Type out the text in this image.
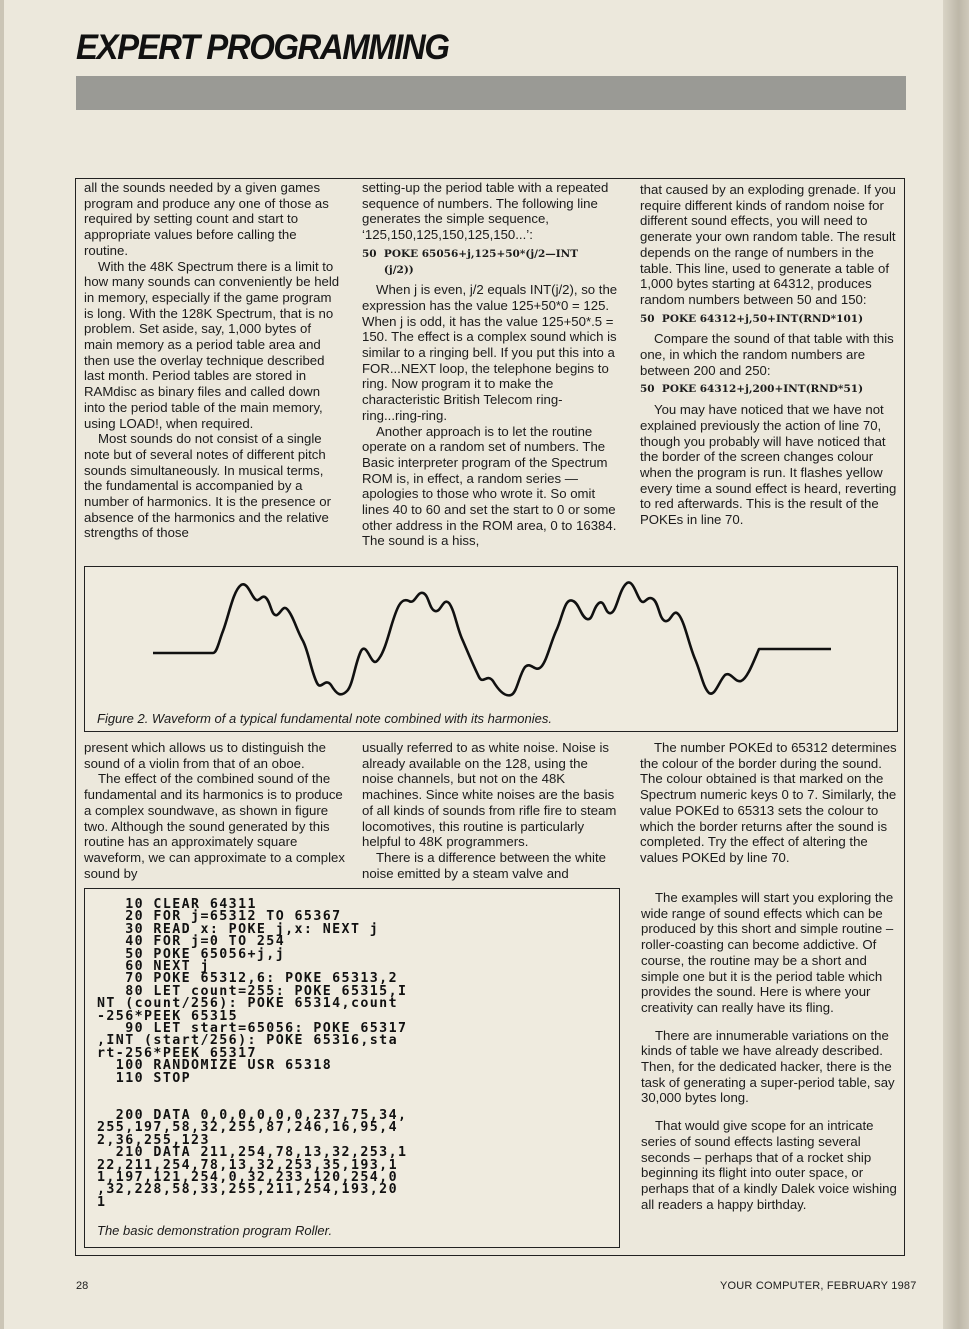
EXPERT PROGRAMMING

all the sounds needed by a given games program and produce any one of those as required by setting count and start to appropriate values before calling the routine.

With the 48K Spectrum there is a limit to how many sounds can conveniently be held in memory, especially if the game program is long. With the 128K Spectrum, that is no problem. Set aside, say, 1,000 bytes of main memory as a period table area and then use the overlay technique described last month. Period tables are stored in RAMdisc as binary files and called down into the period table of the main memory, using LOAD!, when required.

Most sounds do not consist of a single note but of several notes of different pitch sounds simultaneously. In musical terms, the fundamental is accompanied by a number of harmonics. It is the presence or absence of the harmonics and the relative strengths of those

setting-up the period table with a repeated sequence of numbers. The following line generates the simple sequence, ‘125,150,125,150,125,150...’:

50  POKE 65056+j,125+50*(j/2—INT
(j/2))

When j is even, j/2 equals INT(j/2), so the expression has the value 125+50*0 = 125. When j is odd, it has the value 125+50*.5 = 150. The effect is a complex sound which is similar to a ringing bell. If you put this into a FOR...NEXT loop, the telephone begins to ring. Now program it to make the characteristic British Telecom ring-ring...ring-ring.

Another approach is to let the routine operate on a random set of numbers. The Basic interpreter program of the Spectrum ROM is, in effect, a random series — apologies to those who wrote it. So omit lines 40 to 60 and set the start to 0 or some other address in the ROM area, 0 to 16384. The sound is a hiss,

that caused by an exploding grenade. If you require different kinds of random noise for different sound effects, you will need to generate your own random table. The result depends on the range of numbers in the table. This line, used to generate a table of 1,000 bytes starting at 64312, produces random numbers between 50 and 150:

50  POKE 64312+j,50+INT(RND*101)

Compare the sound of that table with this one, in which the random numbers are between 200 and 250:

50  POKE 64312+j,200+INT(RND*51)

You may have noticed that we have not explained previously the action of line 70, though you probably will have noticed that the border of the screen changes colour when the program is run. It flashes yellow every time a sound effect is heard, reverting to red afterwards. This is the result of the POKEs in line 70.

Figure 2. Waveform of a typical fundamental note combined with its harmonies.

present which allows us to distinguish the sound of a violin from that of an oboe.

The effect of the combined sound of the fundamental and its harmonics is to produce a complex soundwave, as shown in figure two. Although the sound generated by this routine has an approximately square waveform, we can approximate to a complex sound by

usually referred to as white noise. Noise is already available on the 128, using the noise channels, but not on the 48K machines. Since white noises are the basis of all kinds of sounds from rifle fire to steam locomotives, this routine is particularly helpful to 48K programmers.

There is a difference between the white noise emitted by a steam valve and

The number POKEd to 65312 determines the colour of the border during the sound. The colour obtained is that marked on the Spectrum numeric keys 0 to 7. Similarly, the value POKEd to 65313 sets the colour to which the border returns after the sound is completed. Try the effect of altering the values POKEd by line 70.

10 CLEAR 64311
20 FOR j=65312 TO 65367
30 READ x: POKE j,x: NEXT j
40 FOR j=0 TO 254
50 POKE 65056+j,j
60 NEXT j
70 POKE 65312,6: POKE 65313,2
80 LET count=255: POKE 65315,I
NT (count/256): POKE 65314,count
-256*PEEK 65315
90 LET start=65056: POKE 65317
,INT (start/256): POKE 65316,sta
rt-256*PEEK 65317
100 RANDOMIZE USR 65318
110 STOP

200 DATA 0,0,0,0,0,0,237,75,34,
255,197,58,32,255,87,246,16,95,4
2,36,255,123
210 DATA 211,254,78,13,32,253,1
22,211,254,78,13,32,253,35,193,1
1,197,121,254,0,32,233,120,254,0
,32,228,58,33,255,211,254,193,20
1
The basic demonstration program Roller.

The examples will start you exploring the wide range of sound effects which can be produced by this short and simple routine – roller-coasting can become addictive. Of course, the routine may be a short and simple one but it is the period table which provides the sound. Here is where your creativity can really have its fling.

There are innumerable variations on the kinds of table we have already described. Then, for the dedicated hacker, there is the task of generating a super-period table, say 30,000 bytes long.

That would give scope for an intricate series of sound effects lasting several seconds – perhaps that of a rocket ship beginning its flight into outer space, or perhaps that of a kindly Dalek voice wishing all readers a happy birthday.

28	YOUR COMPUTER, FEBRUARY 1987
